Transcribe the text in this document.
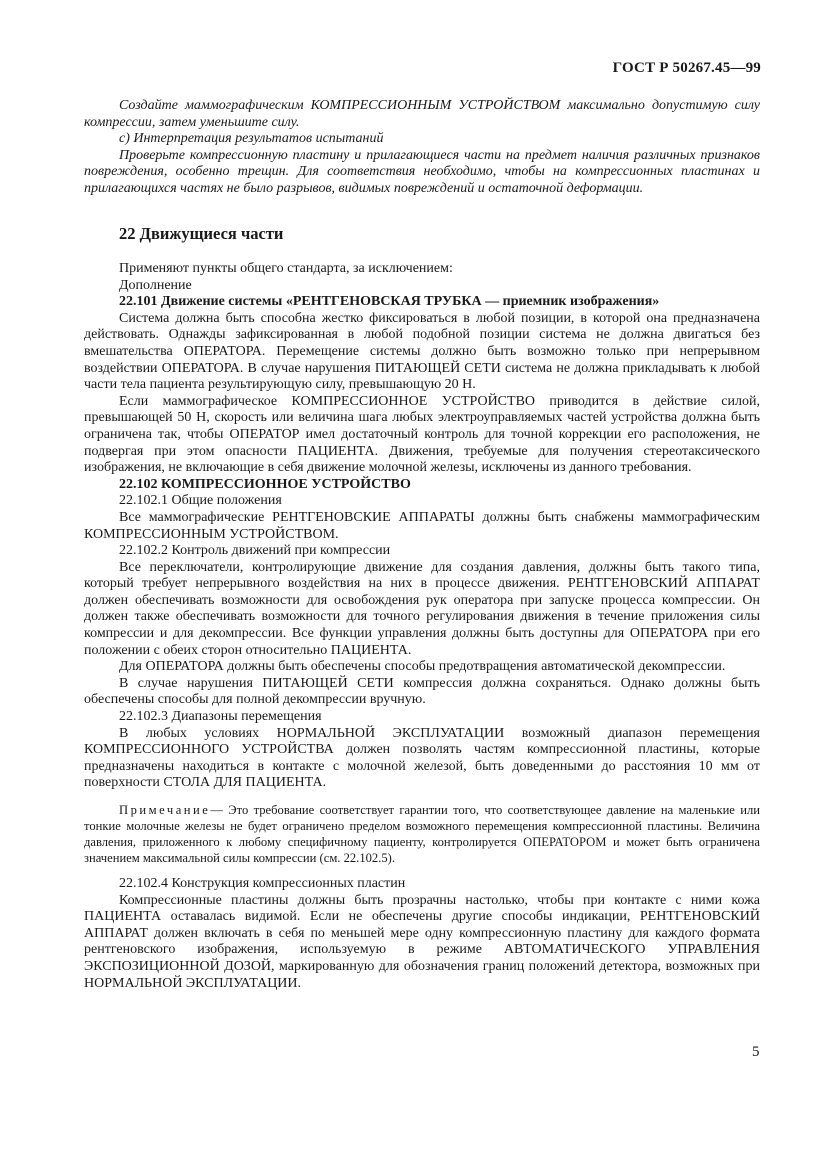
ГОСТ Р 50267.45—99

Создайте маммографическим КОМПРЕССИОННЫМ УСТРОЙСТВОМ максимально допустимую силу компрессии, затем уменьшите силу.

с) Интерпретация результатов испытаний

Проверьте компрессионную пластину и прилагающиеся части на предмет наличия различных признаков повреждения, особенно трещин. Для соответствия необходимо, чтобы на компрессионных пластинах и прилагающихся частях не было разрывов, видимых повреждений и остаточной деформации.

22 Движущиеся части

Применяют пункты общего стандарта, за исключением:

Дополнение

22.101 Движение системы «РЕНТГЕНОВСКАЯ ТРУБКА — приемник изображения»

Система должна быть способна жестко фиксироваться в любой позиции, в которой она предназначена действовать. Однажды зафиксированная в любой подобной позиции система не должна двигаться без вмешательства ОПЕРАТОРА. Перемещение системы должно быть возможно только при непрерывном воздействии ОПЕРАТОРА. В случае нарушения ПИТАЮЩЕЙ СЕТИ система не должна прикладывать к любой части тела пациента результирующую силу, превышающую 20 Н.

Если маммографическое КОМПРЕССИОННОЕ УСТРОЙСТВО приводится в действие силой, превышающей 50 Н, скорость или величина шага любых электроуправляемых частей устройства должна быть ограничена так, чтобы ОПЕРАТОР имел достаточный контроль для точной коррекции его расположения, не подвергая при этом опасности ПАЦИЕНТА. Движения, требуемые для получения стереотаксического изображения, не включающие в себя движение молочной железы, исключены из данного требования.

22.102 КОМПРЕССИОННОЕ УСТРОЙСТВО

22.102.1 Общие положения

Все маммографические РЕНТГЕНОВСКИЕ АППАРАТЫ должны быть снабжены маммографическим КОМПРЕССИОННЫМ УСТРОЙСТВОМ.

22.102.2 Контроль движений при компрессии

Все переключатели, контролирующие движение для создания давления, должны быть такого типа, который требует непрерывного воздействия на них в процессе движения. РЕНТГЕНОВСКИЙ АППАРАТ должен обеспечивать возможности для освобождения рук оператора при запуске процесса компрессии. Он должен также обеспечивать возможности для точного регулирования движения в течение приложения силы компрессии и для декомпрессии. Все функции управления должны быть доступны для ОПЕРАТОРА при его положении с обеих сторон относительно ПАЦИЕНТА.

Для ОПЕРАТОРА должны быть обеспечены способы предотвращения автоматической декомпрессии.

В случае нарушения ПИТАЮЩЕЙ СЕТИ компрессия должна сохраняться. Однако должны быть обеспечены способы для полной декомпрессии вручную.

22.102.3 Диапазоны перемещения

В любых условиях НОРМАЛЬНОЙ ЭКСПЛУАТАЦИИ возможный диапазон перемещения КОМПРЕССИОННОГО УСТРОЙСТВА должен позволять частям компрессионной пластины, которые предназначены находиться в контакте с молочной железой, быть доведенными до расстояния 10 мм от поверхности СТОЛА ДЛЯ ПАЦИЕНТА.

Примечание— Это требование соответствует гарантии того, что соответствующее давление на маленькие или тонкие молочные железы не будет ограничено пределом возможного перемещения компрессионной пластины. Величина давления, приложенного к любому специфичному пациенту, контролируется ОПЕРАТОРОМ и может быть ограничена значением максимальной силы компрессии (см. 22.102.5).

22.102.4 Конструкция компрессионных пластин

Компрессионные пластины должны быть прозрачны настолько, чтобы при контакте с ними кожа ПАЦИЕНТА оставалась видимой. Если не обеспечены другие способы индикации, РЕНТГЕНОВСКИЙ АППАРАТ должен включать в себя по меньшей мере одну компрессионную пластину для каждого формата рентгеновского изображения, используемую в режиме АВТОМАТИЧЕСКОГО УПРАВЛЕНИЯ ЭКСПОЗИЦИОННОЙ ДОЗОЙ, маркированную для обозначения границ положений детектора, возможных при НОРМАЛЬНОЙ ЭКСПЛУАТАЦИИ.

5
